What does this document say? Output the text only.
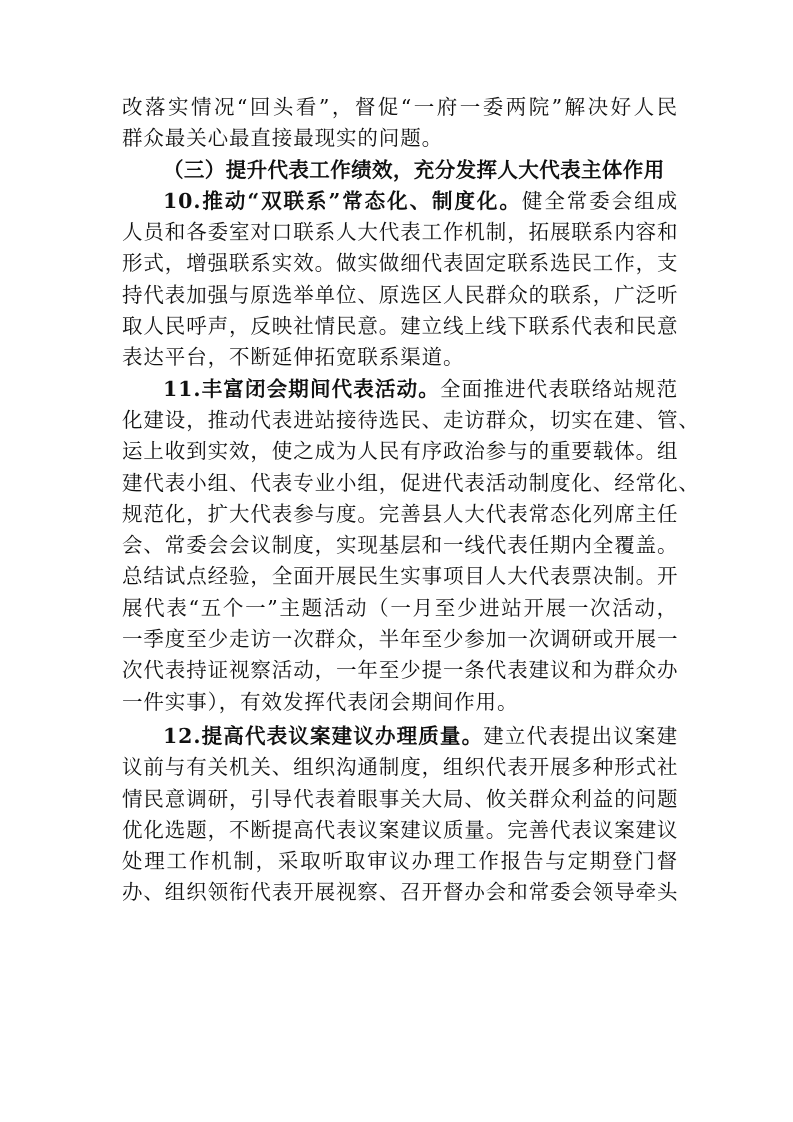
改落实情况“回头看”，督促“一府一委两院”解决好人民
群众最关心最直接最现实的问题。
（三）提升代表工作绩效，充分发挥人大代表主体作用
10.推动“双联系”常态化、制度化。健全常委会组成
人员和各委室对口联系人大代表工作机制，拓展联系内容和
形式，增强联系实效。做实做细代表固定联系选民工作，支
持代表加强与原选举单位、原选区人民群众的联系，广泛听
取人民呼声，反映社情民意。建立线上线下联系代表和民意
表达平台，不断延伸拓宽联系渠道。
11.丰富闭会期间代表活动。全面推进代表联络站规范
化建设，推动代表进站接待选民、走访群众，切实在建、管、
运上收到实效，使之成为人民有序政治参与的重要载体。组
建代表小组、代表专业小组，促进代表活动制度化、经常化、
规范化，扩大代表参与度。完善县人大代表常态化列席主任
会、常委会会议制度，实现基层和一线代表任期内全覆盖。
总结试点经验，全面开展民生实事项目人大代表票决制。开
展代表“五个一”主题活动（一月至少进站开展一次活动，
一季度至少走访一次群众，半年至少参加一次调研或开展一
次代表持证视察活动，一年至少提一条代表建议和为群众办
一件实事），有效发挥代表闭会期间作用。
12.提高代表议案建议办理质量。建立代表提出议案建
议前与有关机关、组织沟通制度，组织代表开展多种形式社
情民意调研，引导代表着眼事关大局、攸关群众利益的问题
优化选题，不断提高代表议案建议质量。完善代表议案建议
处理工作机制，采取听取审议办理工作报告与定期登门督
办、组织领衔代表开展视察、召开督办会和常委会领导牵头
